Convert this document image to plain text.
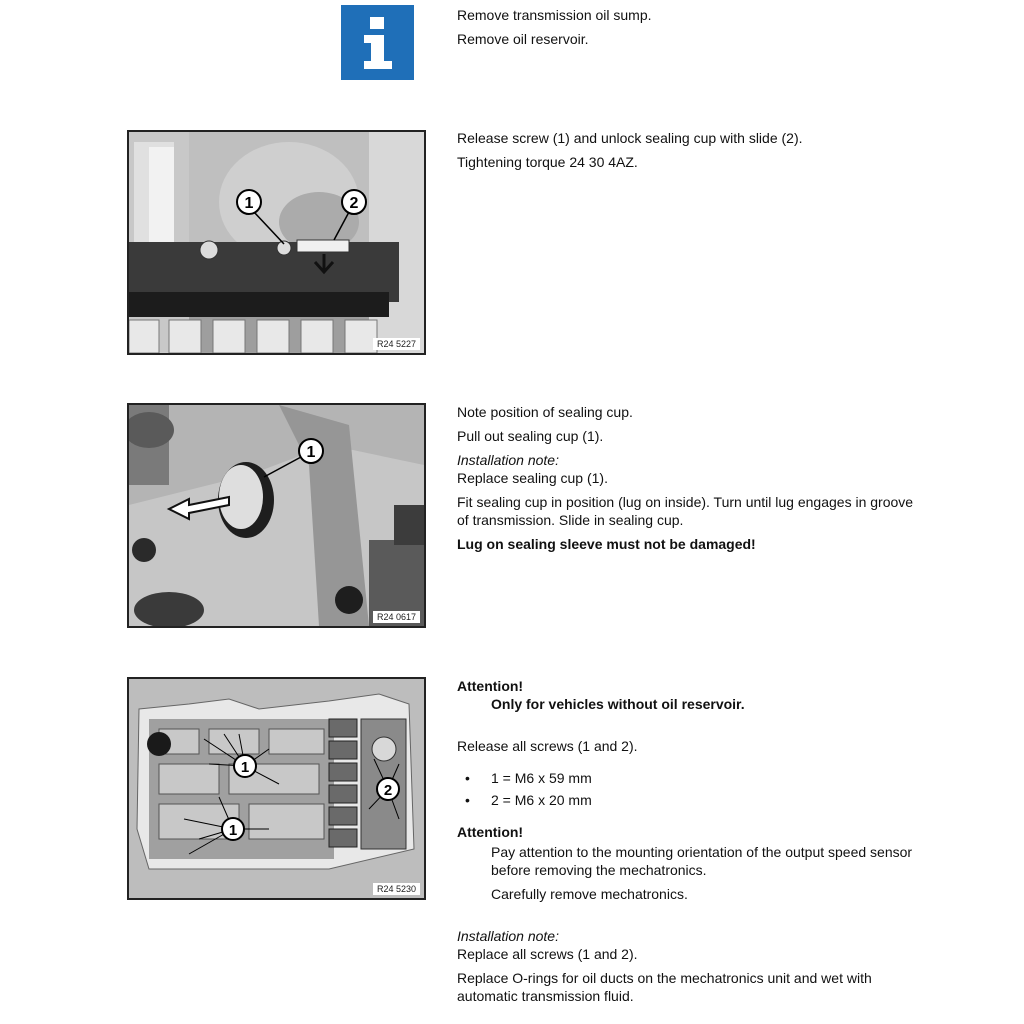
Remove transmission oil sump.

Remove oil reservoir.

1	2
R24 5227

Release screw (1) and unlock sealing cup with slide (2).

Tightening torque 24 30 4AZ.

1
R24 0617

Note position of sealing cup.

Pull out sealing cup (1).

Installation note:

Replace sealing cup (1).

Fit sealing cup in position (lug on inside). Turn until lug engages in groove of transmission. Slide in sealing cup.

Lug on sealing sleeve must not be damaged!

1
1
2
R24 5230

Attention!

Only for vehicles without oil reservoir.

Release all screws (1 and 2).

•	1 = M6 x 59 mm
•	2 = M6 x 20 mm

Attention!

Pay attention to the mounting orientation of the output speed sensor before removing the mechatronics.

Carefully remove mechatronics.

Installation note:

Replace all screws (1 and 2).

Replace O-rings for oil ducts on the mechatronics unit and wet with automatic transmission fluid.
